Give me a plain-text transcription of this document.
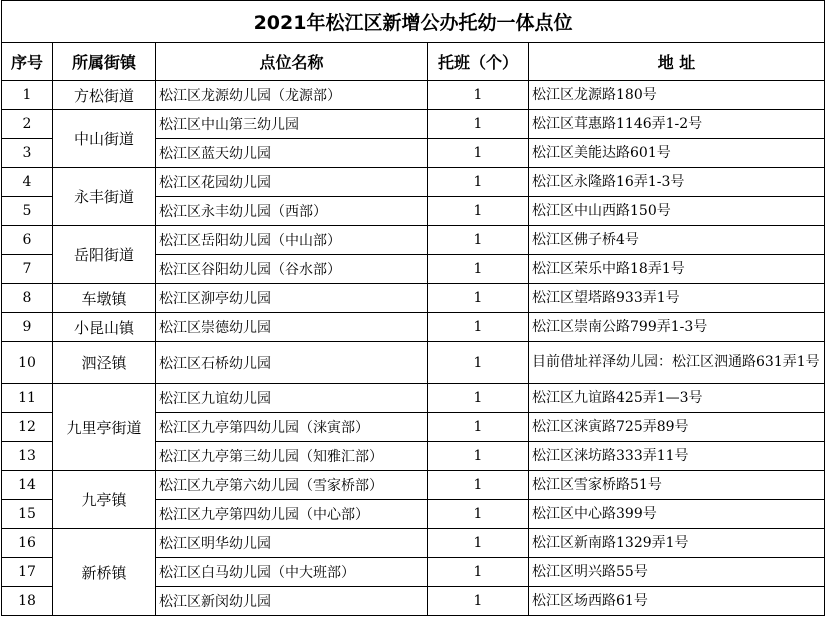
2021年松江区新增公办托幼一体点位				
序号	所属街镇	点位名称	托班（个）	地 址
1	方松街道	松江区龙源幼儿园（龙源部）	1	松江区龙源路180号
2	中山街道	松江区中山第三幼儿园	1	松江区茸惠路1146弄1-2号
3		松江区蓝天幼儿园	1	松江区美能达路601号
4	永丰街道	松江区花园幼儿园	1	松江区永隆路16弄1-3号
5		松江区永丰幼儿园（西部）	1	松江区中山西路150号
6	岳阳街道	松江区岳阳幼儿园（中山部）	1	松江区佛子桥4号
7		松江区谷阳幼儿园（谷水部）	1	松江区荣乐中路18弄1号
8	车墩镇	松江区泖亭幼儿园	1	松江区望塔路933弄1号
9	小昆山镇	松江区崇德幼儿园	1	松江区崇南公路799弄1-3号
10	泗泾镇	松江区石桥幼儿园	1	目前借址祥泽幼儿园：松江区泗通路631弄1号
11	九里亭街道	松江区九谊幼儿园	1	松江区九谊路425弄1—3号
12		松江区九亭第四幼儿园（涞寅部）	1	松江区涞寅路725弄89号
13		松江区九亭第三幼儿园（知雅汇部）	1	松江区涞坊路333弄11号
14	九亭镇	松江区九亭第六幼儿园（雪家桥部）	1	松江区雪家桥路51号
15		松江区九亭第四幼儿园（中心部）	1	松江区中心路399号
16	新桥镇	松江区明华幼儿园	1	松江区新南路1329弄1号
17		松江区白马幼儿园（中大班部）	1	松江区明兴路55号
18		松江区新闵幼儿园	1	松江区场西路61号
